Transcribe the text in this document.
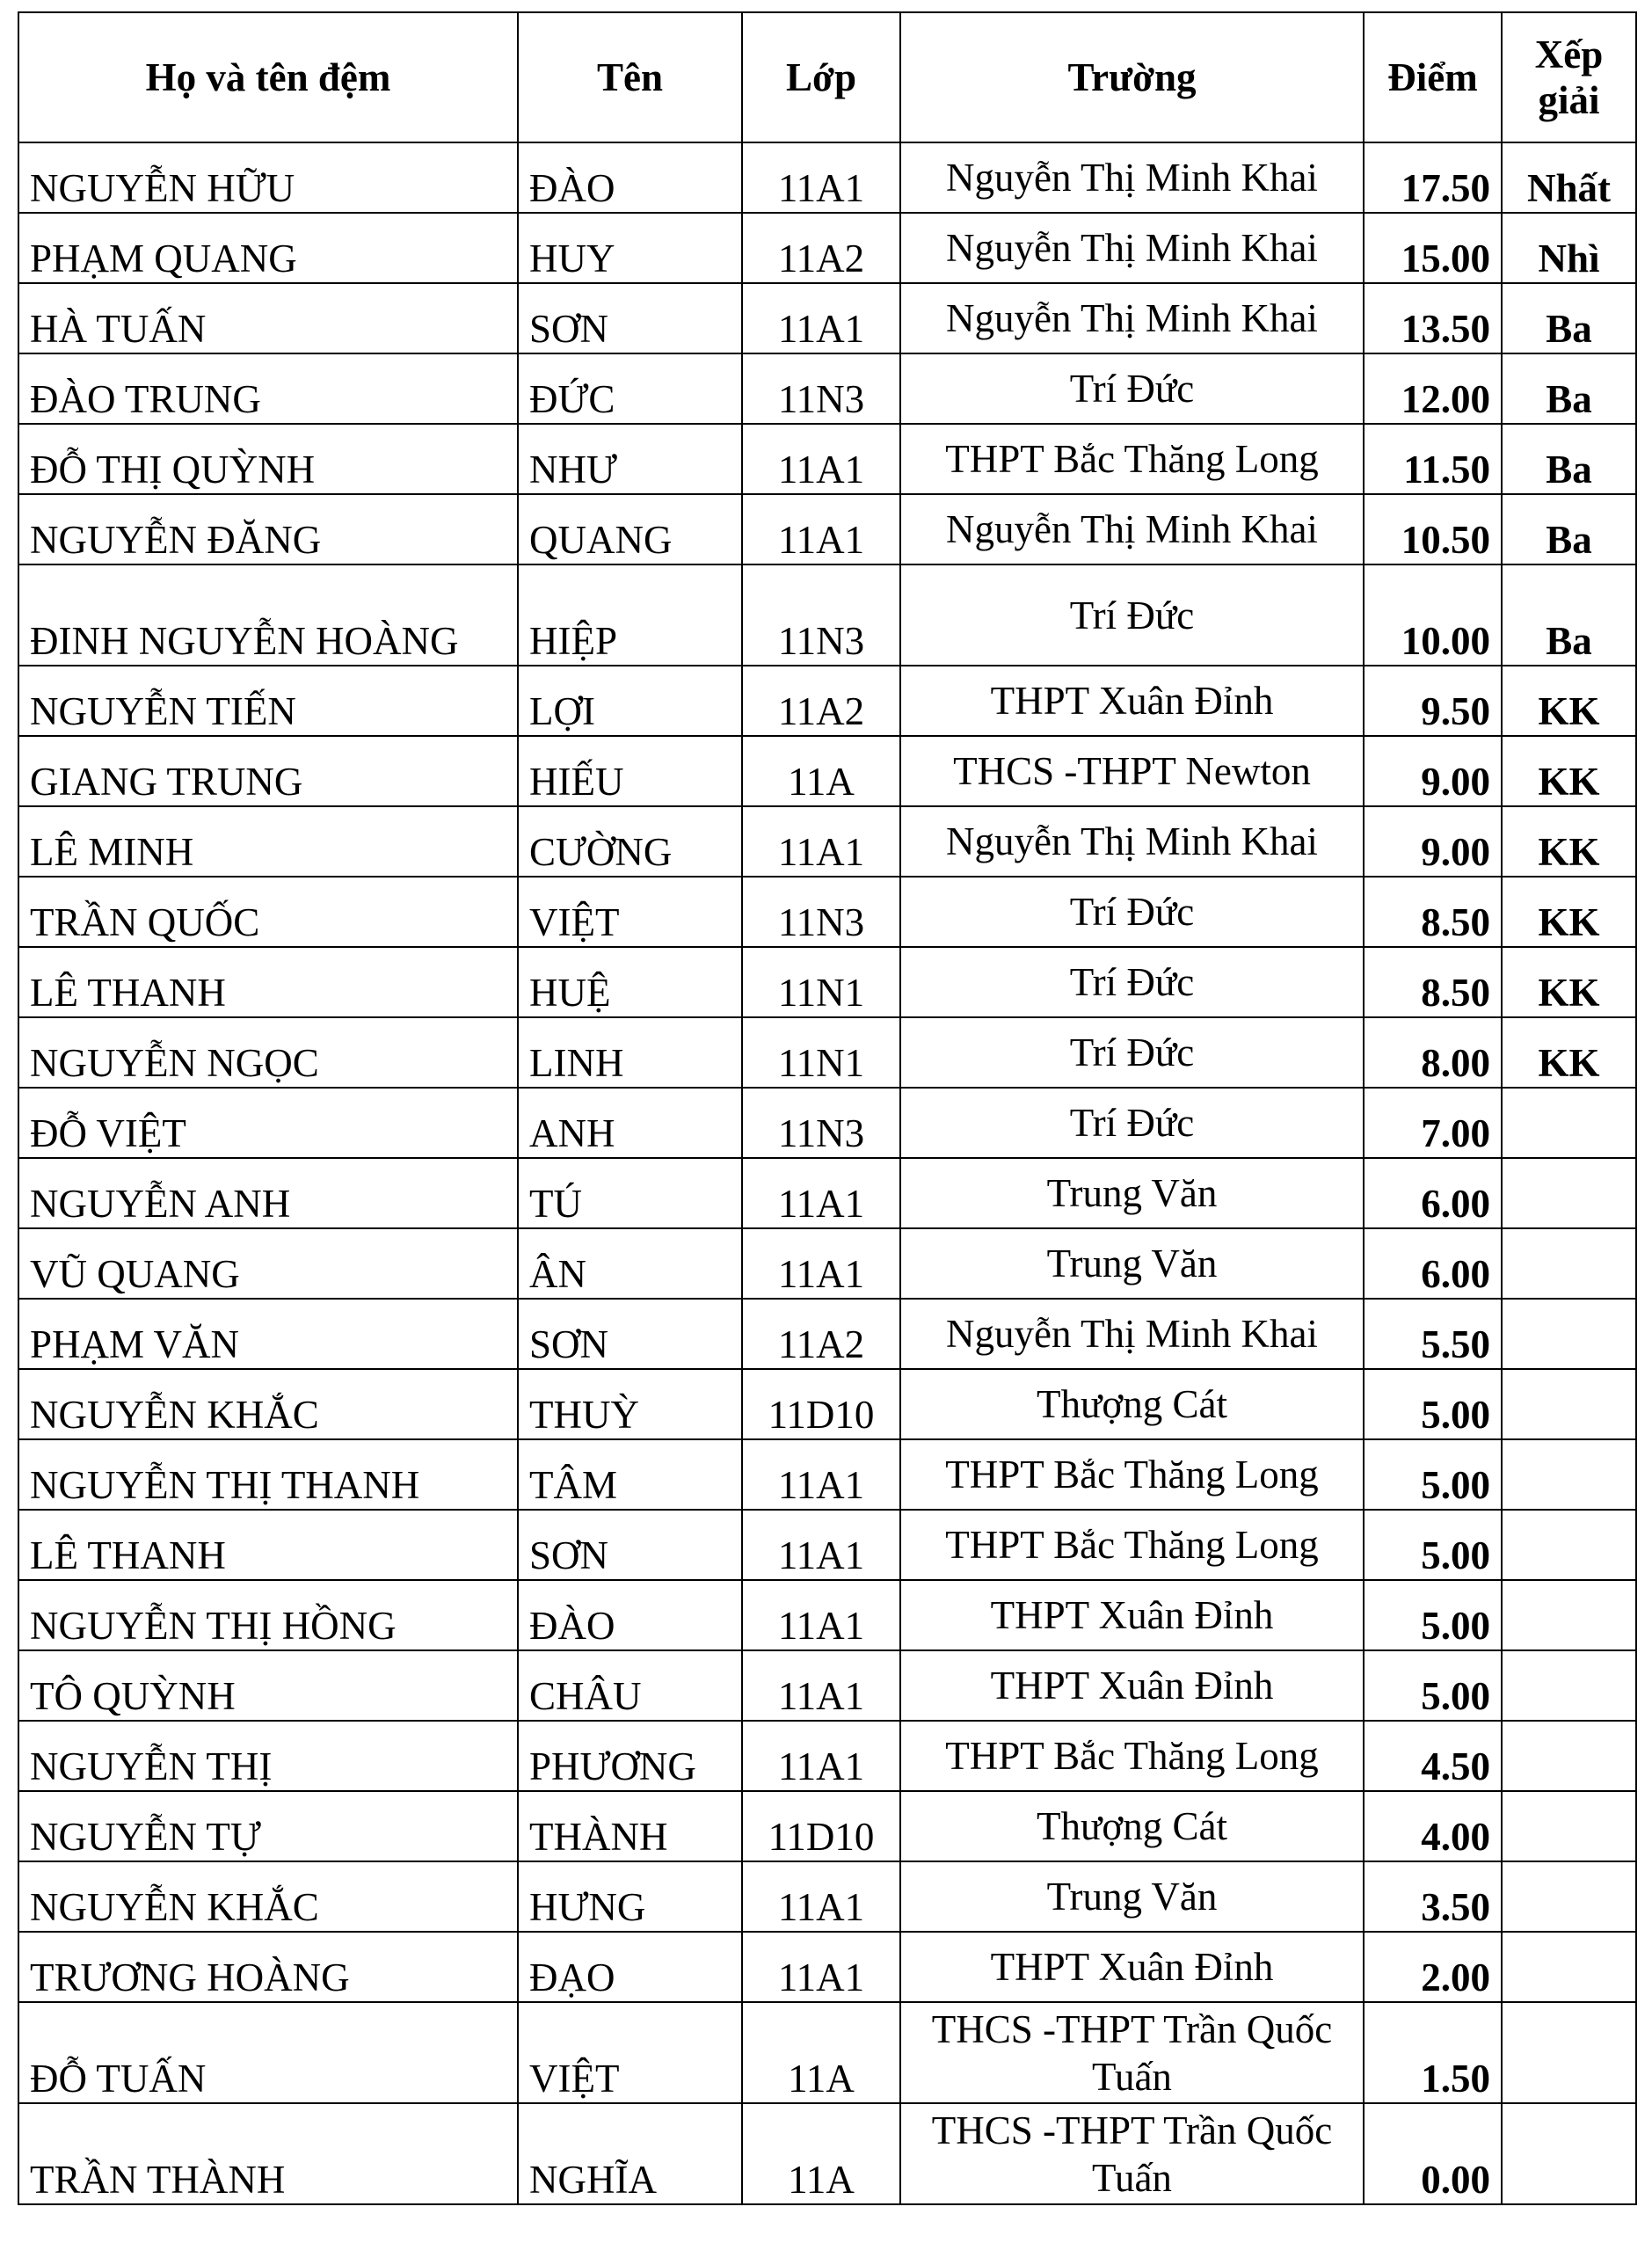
Họ và tên đệm	Tên	Lớp	Trường	Điểm	Xếp giải
NGUYỄN HỮU	ĐÀO	11A1	Nguyễn Thị Minh Khai	17.50	Nhất
PHẠM QUANG	HUY	11A2	Nguyễn Thị Minh Khai	15.00	Nhì
HÀ TUẤN	SƠN	11A1	Nguyễn Thị Minh Khai	13.50	Ba
ĐÀO TRUNG	ĐỨC	11N3	Trí Đức	12.00	Ba
ĐỖ THỊ QUỲNH	NHƯ	11A1	THPT Bắc Thăng Long	11.50	Ba
NGUYỄN ĐĂNG	QUANG	11A1	Nguyễn Thị Minh Khai	10.50	Ba
ĐINH NGUYỄN HOÀNG	HIỆP	11N3	Trí Đức	10.00	Ba
NGUYỄN TIẾN	LỢI	11A2	THPT Xuân Đỉnh	9.50	KK
GIANG TRUNG	HIẾU	11A	THCS -THPT Newton	9.00	KK
LÊ MINH	CƯỜNG	11A1	Nguyễn Thị Minh Khai	9.00	KK
TRẦN QUỐC	VIỆT	11N3	Trí Đức	8.50	KK
LÊ THANH	HUỆ	11N1	Trí Đức	8.50	KK
NGUYỄN NGỌC	LINH	11N1	Trí Đức	8.00	KK
ĐỖ VIỆT	ANH	11N3	Trí Đức	7.00	
NGUYỄN ANH	TÚ	11A1	Trung Văn	6.00	
VŨ QUANG	ÂN	11A1	Trung Văn	6.00	
PHẠM VĂN	SƠN	11A2	Nguyễn Thị Minh Khai	5.50	
NGUYỄN KHẮC	THUỲ	11D10	Thượng Cát	5.00	
NGUYỄN THỊ THANH	TÂM	11A1	THPT Bắc Thăng Long	5.00	
LÊ THANH	SƠN	11A1	THPT Bắc Thăng Long	5.00	
NGUYỄN THỊ HỒNG	ĐÀO	11A1	THPT Xuân Đỉnh	5.00	
TÔ QUỲNH	CHÂU	11A1	THPT Xuân Đỉnh	5.00	
NGUYỄN THỊ	PHƯƠNG	11A1	THPT Bắc Thăng Long	4.50	
NGUYỄN TỰ	THÀNH	11D10	Thượng Cát	4.00	
NGUYỄN KHẮC	HƯNG	11A1	Trung Văn	3.50	
TRƯƠNG HOÀNG	ĐẠO	11A1	THPT Xuân Đỉnh	2.00	
ĐỖ TUẤN	VIỆT	11A	THCS -THPT Trần Quốc Tuấn	1.50	
TRẦN THÀNH	NGHĨA	11A	THCS -THPT Trần Quốc Tuấn	0.00	
